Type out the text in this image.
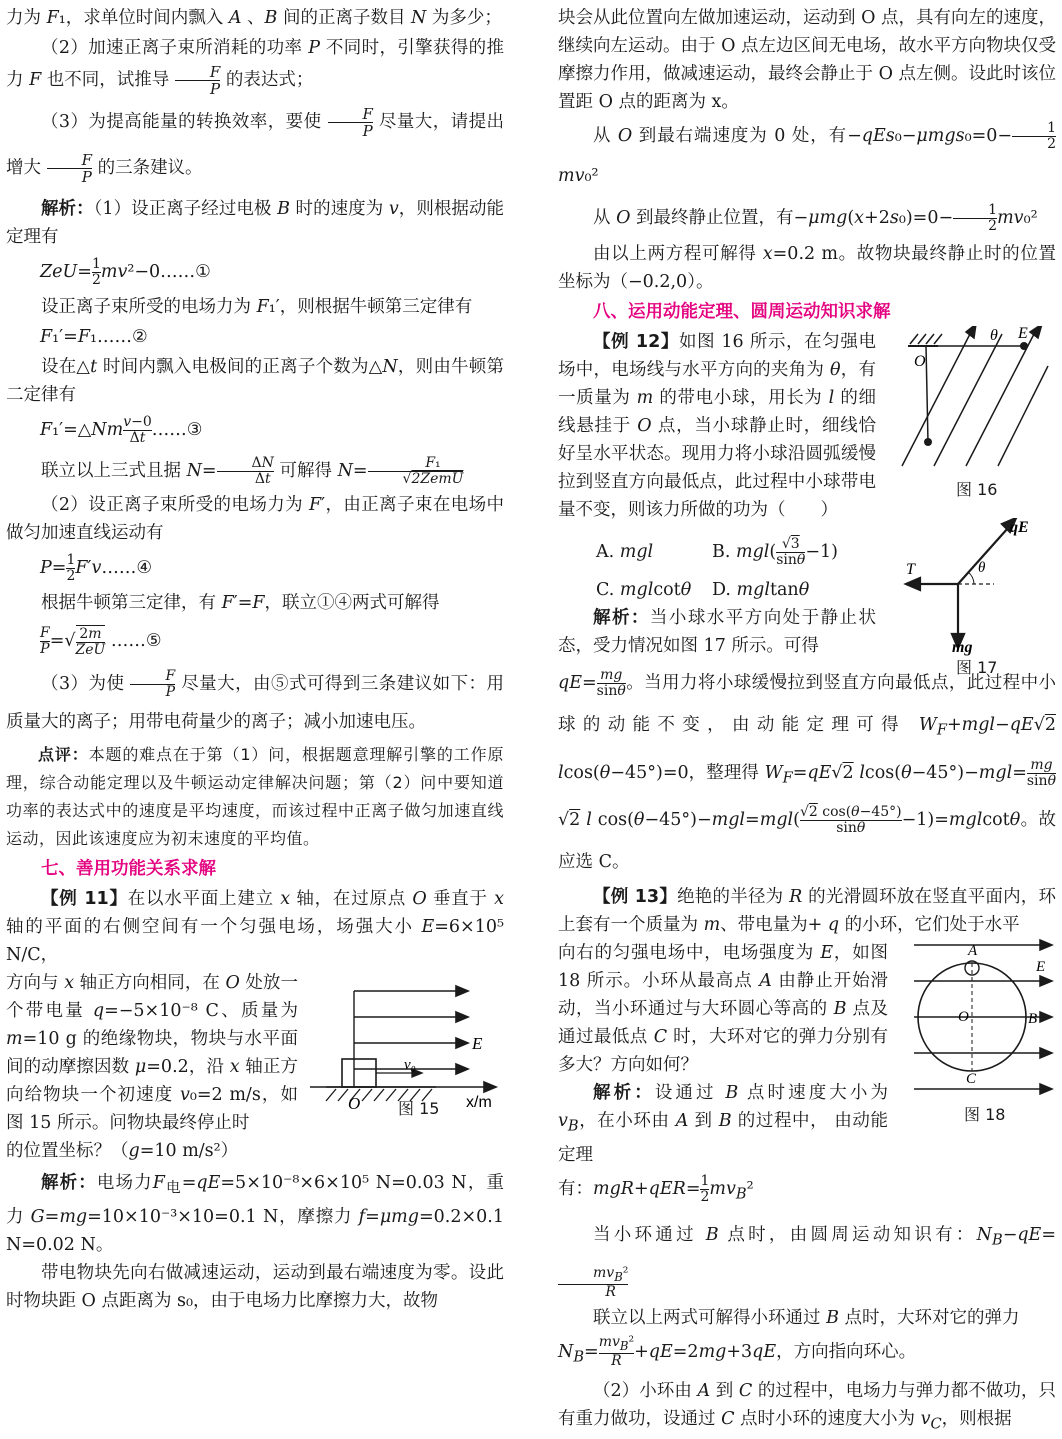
力为 F₁，求单位时间内飘入 A 、B 间的正离子数目 N 为多少；

（2）加速正离子束所消耗的功率 P 不同时，引擎获得的推力 F 也不同，试推导 $\frac{F}{P}$ 的表达式；

（3）为提高能量的转换效率，要使 $\frac{F}{P}$ 尽量大，请提出增大 $\frac{F}{P}$ 的三条建议。

解析：（1）设正离子经过电极 B 时的速度为 v，则根据动能定理有

ZeU=1

2 mv²−0……①

设正离子束所受的电场力为 F₁′，则根据牛顿第三定律有

F₁′=F₁……②

设在△t 时间内飘入电极间的正离子个数为△N，则由牛顿第二定律有

F₁′=△Nmv−0

Δt ……③

联立以上三式且据 N=	ΔN

Δt 可解得 N=	F₁

√2ZemU

（2）设正离子束所受的电场力为 F′，由正离子束在电场中做匀加速直线运动有

P=1

2 F′v……④

根据牛顿第三定律，有 F′=F，联立①④两式可解得

$\frac{F}{P}$ =√ 2m

ZeU ……⑤

（3）为使 $\frac{F}{P}$ 尽量大，由⑤式可得到三条建议如下：用质量大的离子；用带电荷量少的离子；减小加速电压。

点评：本题的难点在于第（1）问，根据题意理解引擎的工作原理，综合动能定理以及牛顿运动定律解决问题；第（2）问中要知道功率的表达式中的速度是平均速度，而该过程中正离子做匀加速直线运动，因此该速度应为初末速度的平均值。

七、善用功能关系求解

【例 11】在以水平面上建立 x 轴，在过原点 O 垂直于 x 轴的平面的右侧空间有一个匀强电场，场强大小 E=6×10⁵ N/C，

方向与 x 轴正方向相同，在 O 处放一个带电量 q=−5×10⁻⁸ C、质量为 m=10 g 的绝缘物块，物块与水平面间的动摩擦因数 μ=0.2，沿 x 轴正方向给物块一个初速度 v₀=2 m/s，如图 15 所示。问物块最终停止时

的位置坐标？（g=10 m/s²）

E
O
v₀
x/m
图 15

解析：电场力$F_电=qE=5\times 10^{-8}\times 6\times 10^5$ N=0.03 N，重力 G=mg=10×10⁻³×10=0.1 N，摩擦力 f=μmg=0.2×0.1 N=0.02 N。

带电物块先向右做减速运动，运动到最右端速度为零。设此时物块距 O 点距离为 s₀，由于电场力比摩擦力大，故物

块会从此位置向左做加速运动，运动到 O 点，具有向左的速度，继续向左运动。由于 O 点左边区间无电场，故水平方向物块仅受摩擦力作用，做减速运动，最终会静止于 O 点左侧。设此时该位置距 O 点的距离为 x。

从 O 到最右端速度为 0 处，有−qEs₀−μmgs₀=0−	1

2
mv₀²

从 O 到最终静止位置，有−μmg(x+2s₀)=0−	1

2 mv₀²

由以上两方程可解得 x=0.2 m。故物块最终静止时的位置坐标为（−0.2,0）。

八、运用动能定理、圆周运动知识求解

【例 12】如图 16 所示，在匀强电场中，电场线与水平方向的夹角为 θ，有一质量为 m 的带电小球，用长为 l 的细线悬挂于 O 点，当小球静止时，细线恰好呈水平状态。现用力将小球沿圆弧缓慢拉到竖直方向最低点，此过程中小球带电量不变，则该力所做的功为（　　）

A. mgl	B. mgl( √3

sinθ −1)
C. mglcotθ D. mgltanθ

解析：当小球水平方向处于静止状态，受力情况如图 17 所示。可得

O
θ E
图 16
qE
T
mg
θ
图 17

$qE=\frac{mg}{\sin\theta}$ 。当用力将小球缓慢拉到竖直方向最低点，此过程中小球的动能不变，由动能定理可得 $W_F+mgl-qE√2$ lcos(θ−45°)=0，整理得 $W_F=qE√2$ $lcos(\theta-45^\circ)-mgl=\frac{mg}{\sin\theta}$
√2 l cos(θ−45°)−mgl=mgl(√2 cos(θ−45°)

sinθ	−1)=mglcotθ。故应选 C。

【例 13】绝艳的半径为 R 的光滑圆环放在竖直平面内，环上套有一个质量为 m、带电量为+ q 的小环，它们处于水平

向右的匀强电场中，电场强度为 E，如图 18 所示。小环从最高点 A 由静止开始滑动，当小环通过与大环圆心等高的 B 点及通过最低点 C 时，大环对它的弹力分别有多大？方向如何？

解析：设通过 B 点时速度大小为 $v_B$，在小环由 A 到 B 的过程中， 由动能定理

有：mgR+qER=1

2 $mv_B^2$

A
O	B
C
E
图 18

当小环通过 B 点时，由圆周运动知识有：$N_B-qE=mv_B^2$

R

联立以上两式可解得小环通过 B 点时，大环对它的弹力

$N_B=mv_B^2$

R +qE=2mg+3qE，方向指向环心。

（2）小环由 A 到 C 的过程中，电场力与弹力都不做功，只有重力做功，设通过 C 点时小环的速度大小为 $v_C$，则根据
